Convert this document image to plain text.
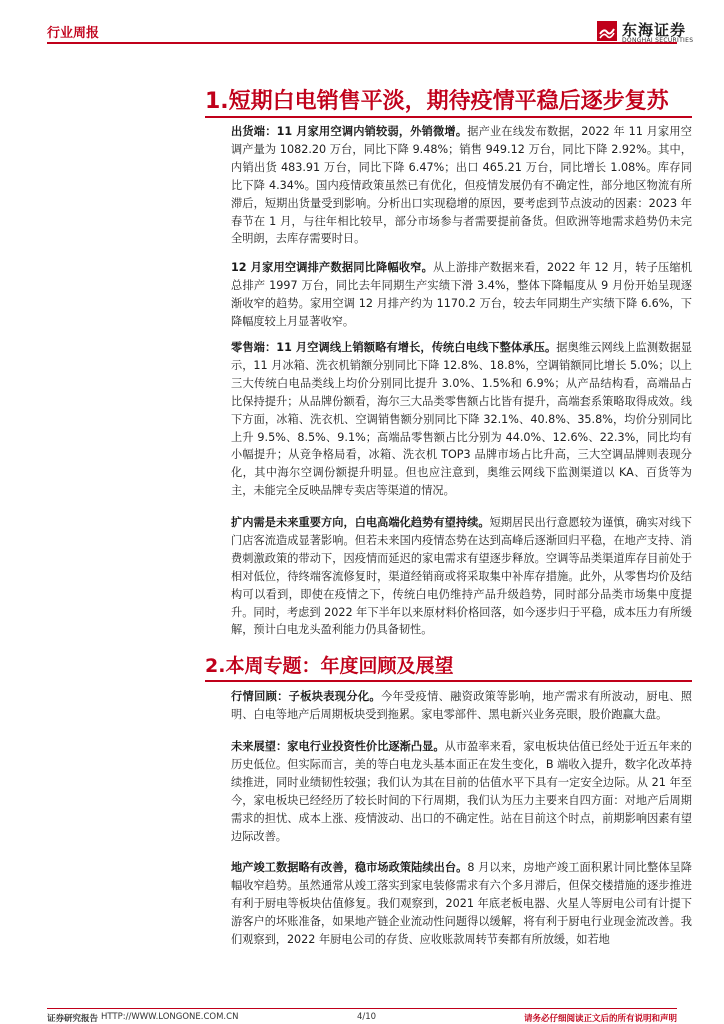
行业周报	东海证券
DONGHAI SECURITIES
1.短期白电销售平淡，期待疫情平稳后逐步复苏
出货端：11 月家用空调内销较弱，外销微增。据产业在线发布数据，2022 年 11 月家用空调产量为 1082.20 万台，同比下降 9.48%；销售 949.12 万台，同比下降 2.92%。其中，内销出货 483.91 万台，同比下降 6.47%；出口 465.21 万台，同比增长 1.08%。库存同比下降 4.34%。国内疫情政策虽然已有优化，但疫情发展仍有不确定性，部分地区物流有所滞后，短期出货量受到影响。分析出口实现稳增的原因，要考虑到节点波动的因素：2023 年春节在 1 月，与往年相比较早，部分市场参与者需要提前备货。但欧洲等地需求趋势仍未完全明朗，去库存需要时日。
12 月家用空调排产数据同比降幅收窄。从上游排产数据来看，2022 年 12 月，转子压缩机总排产 1997 万台，同比去年同期生产实绩下滑 3.4%，整体下降幅度从 9 月份开始呈现逐渐收窄的趋势。家用空调 12 月排产约为 1170.2 万台，较去年同期生产实绩下降 6.6%，下降幅度较上月显著收窄。
零售端：11 月空调线上销额略有增长，传统白电线下整体承压。据奥维云网线上监测数据显示，11 月冰箱、洗衣机销额分别同比下降 12.8%、18.8%，空调销额同比增长 5.0%；以上三大传统白电品类线上均价分别同比提升 3.0%、1.5%和 6.9%；从产品结构看，高端品占比保持提升；从品牌份额看，海尔三大品类零售额占比皆有提升，高端套系策略取得成效。线下方面，冰箱、洗衣机、空调销售额分别同比下降 32.1%、40.8%、35.8%，均价分别同比上升 9.5%、8.5%、9.1%；高端品零售额占比分别为 44.0%、12.6%、22.3%，同比均有小幅提升；从竞争格局看，冰箱、洗衣机 TOP3 品牌市场占比升高，三大空调品牌则表现分化，其中海尔空调份额提升明显。但也应注意到，奥维云网线下监测渠道以 KA、百货等为主，未能完全反映品牌专卖店等渠道的情况。
扩内需是未来重要方向，白电高端化趋势有望持续。短期居民出行意愿较为谨慎，确实对线下门店客流造成显著影响。但若未来国内疫情态势在达到高峰后逐渐回归平稳，在地产支持、消费刺激政策的带动下，因疫情而延迟的家电需求有望逐步释放。空调等品类渠道库存目前处于相对低位，待终端客流修复时，渠道经销商或将采取集中补库存措施。此外，从零售均价及结构可以看到，即使在疫情之下，传统白电仍维持产品升级趋势，同时部分品类市场集中度提升。同时，考虑到 2022 年下半年以来原材料价格回落，如今逐步归于平稳，成本压力有所缓解，预计白电龙头盈利能力仍具备韧性。
2.本周专题：年度回顾及展望
行情回顾：子板块表现分化。今年受疫情、融资政策等影响，地产需求有所波动，厨电、照明、白电等地产后周期板块受到拖累。家电零部件、黑电新兴业务亮眼，股价跑赢大盘。
未来展望：家电行业投资性价比逐渐凸显。从市盈率来看，家电板块估值已经处于近五年来的历史低位。但实际而言，美的等白电龙头基本面正在发生变化，B 端收入提升，数字化改革持续推进，同时业绩韧性较强；我们认为其在目前的估值水平下具有一定安全边际。从 21 年至今，家电板块已经经历了较长时间的下行周期，我们认为压力主要来自四方面：对地产后周期需求的担忧、成本上涨、疫情波动、出口的不确定性。站在目前这个时点，前期影响因素有望边际改善。
地产竣工数据略有改善，稳市场政策陆续出台。8 月以来，房地产竣工面积累计同比整体呈降幅收窄趋势。虽然通常从竣工落实到家电装修需求有六个多月滞后，但保交楼措施的逐步推进有利于厨电等板块估值修复。我们观察到，2021 年底老板电器、火星人等厨电公司有计提下游客户的坏账准备，如果地产链企业流动性问题得以缓解，将有利于厨电行业现金流改善。我们观察到，2022 年厨电公司的存货、应收账款周转节奏都有所放缓，如若地
证券研究报告 HTTP://WWW.LONGONE.COM.CN	4/10	请务必仔细阅读正文后的所有说明和声明
